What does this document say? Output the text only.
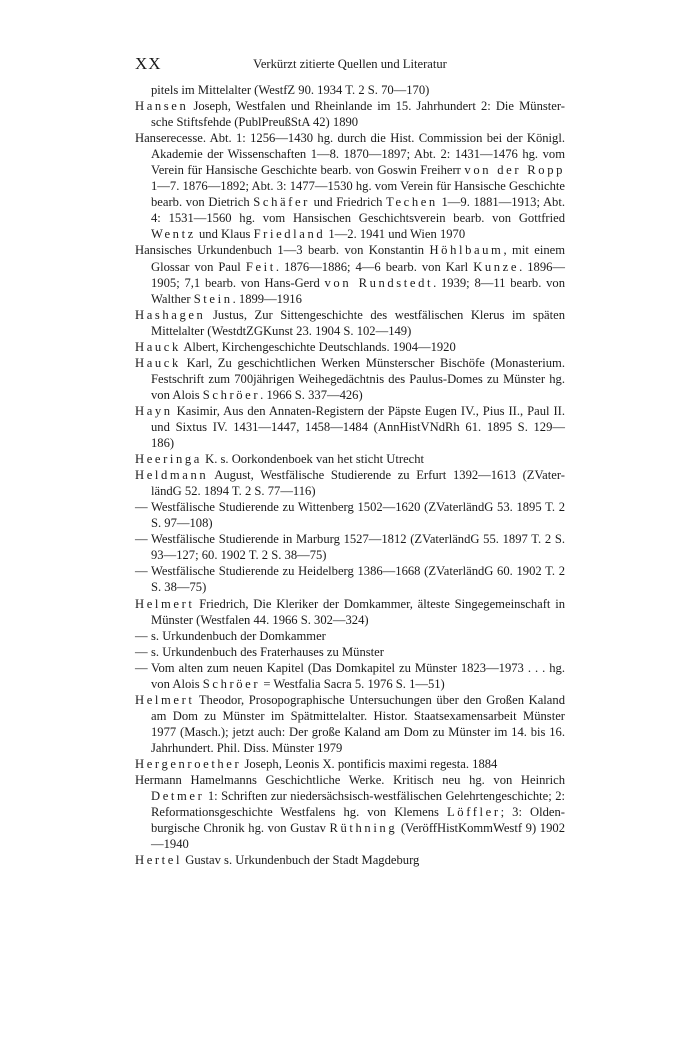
XX	Verkürzt zitierte Quellen und Literatur

pitels im Mittelalter (WestfZ 90. 1934 T. 2 S. 70—170)

Hansen Joseph, Westfalen und Rheinlande im 15. Jahrhundert 2: Die Münster-sche Stiftsfehde (PublPreußStA 42) 1890

Hanserecesse. Abt. 1: 1256—1430 hg. durch die Hist. Commission bei der Königl. Akademie der Wissenschaften 1—8. 1870—1897; Abt. 2: 1431—1476 hg. vom Verein für Hansische Geschichte bearb. von Goswin Freiherr von der Ropp 1—7. 1876—1892; Abt. 3: 1477—1530 hg. vom Verein für Hansische Geschichte bearb. von Dietrich Schäfer und Friedrich Techen 1—9. 1881—1913; Abt. 4: 1531—1560 hg. vom Hansischen Geschichtsverein bearb. von Gottfried Wentz und Klaus Friedland 1—2. 1941 und Wien 1970

Hansisches Urkundenbuch 1—3 bearb. von Konstantin Höhlbaum, mit einem Glossar von Paul Feit. 1876—1886; 4—6 bearb. von Karl Kunze. 1896—1905; 7,1 bearb. von Hans-Gerd von Rundstedt. 1939; 8—11 bearb. von Walther Stein. 1899—1916

Hashagen Justus, Zur Sittengeschichte des westfälischen Klerus im späten Mittelalter (WestdtZGKunst 23. 1904 S. 102—149)

Hauck Albert, Kirchengeschichte Deutschlands. 1904—1920

Hauck Karl, Zu geschichtlichen Werken Münsterscher Bischöfe (Monasterium. Festschrift zum 700jährigen Weihegedächtnis des Paulus-Domes zu Münster hg. von Alois Schröer. 1966 S. 337—426)

Hayn Kasimir, Aus den Annaten-Registern der Päpste Eugen IV., Pius II., Paul II. und Sixtus IV. 1431—1447, 1458—1484 (AnnHistVNdRh 61. 1895 S. 129—186)

Heeringa K. s. Oorkondenboek van het sticht Utrecht

Heldmann August, Westfälische Studierende zu Erfurt 1392—1613 (ZVater-ländG 52. 1894 T. 2 S. 77—116)

— Westfälische Studierende zu Wittenberg 1502—1620 (ZVaterländG 53. 1895 T. 2 S. 97—108)

— Westfälische Studierende in Marburg 1527—1812 (ZVaterländG 55. 1897 T. 2 S. 93—127; 60. 1902 T. 2 S. 38—75)

— Westfälische Studierende zu Heidelberg 1386—1668 (ZVaterländG 60. 1902 T. 2 S. 38—75)

Helmert Friedrich, Die Kleriker der Domkammer, älteste Singegemeinschaft in Münster (Westfalen 44. 1966 S. 302—324)

— s. Urkundenbuch der Domkammer

— s. Urkundenbuch des Fraterhauses zu Münster

— Vom alten zum neuen Kapitel (Das Domkapitel zu Münster 1823—1973 . . . hg. von Alois Schröer = Westfalia Sacra 5. 1976 S. 1—51)

Helmert Theodor, Prosopographische Untersuchungen über den Großen Kaland am Dom zu Münster im Spätmittelalter. Histor. Staatsexamensarbeit Münster 1977 (Masch.); jetzt auch: Der große Kaland am Dom zu Münster im 14. bis 16. Jahrhundert. Phil. Diss. Münster 1979

Hergenroether Joseph, Leonis X. pontificis maximi regesta. 1884

Hermann Hamelmanns Geschichtliche Werke. Kritisch neu hg. von Heinrich Detmer 1: Schriften zur niedersächsisch-westfälischen Gelehrtengeschichte; 2: Reformationsgeschichte Westfalens hg. von Klemens Löffler; 3: Olden-burgische Chronik hg. von Gustav Rüthning (VeröffHistKommWestf 9) 1902—1940

Hertel Gustav s. Urkundenbuch der Stadt Magdeburg
